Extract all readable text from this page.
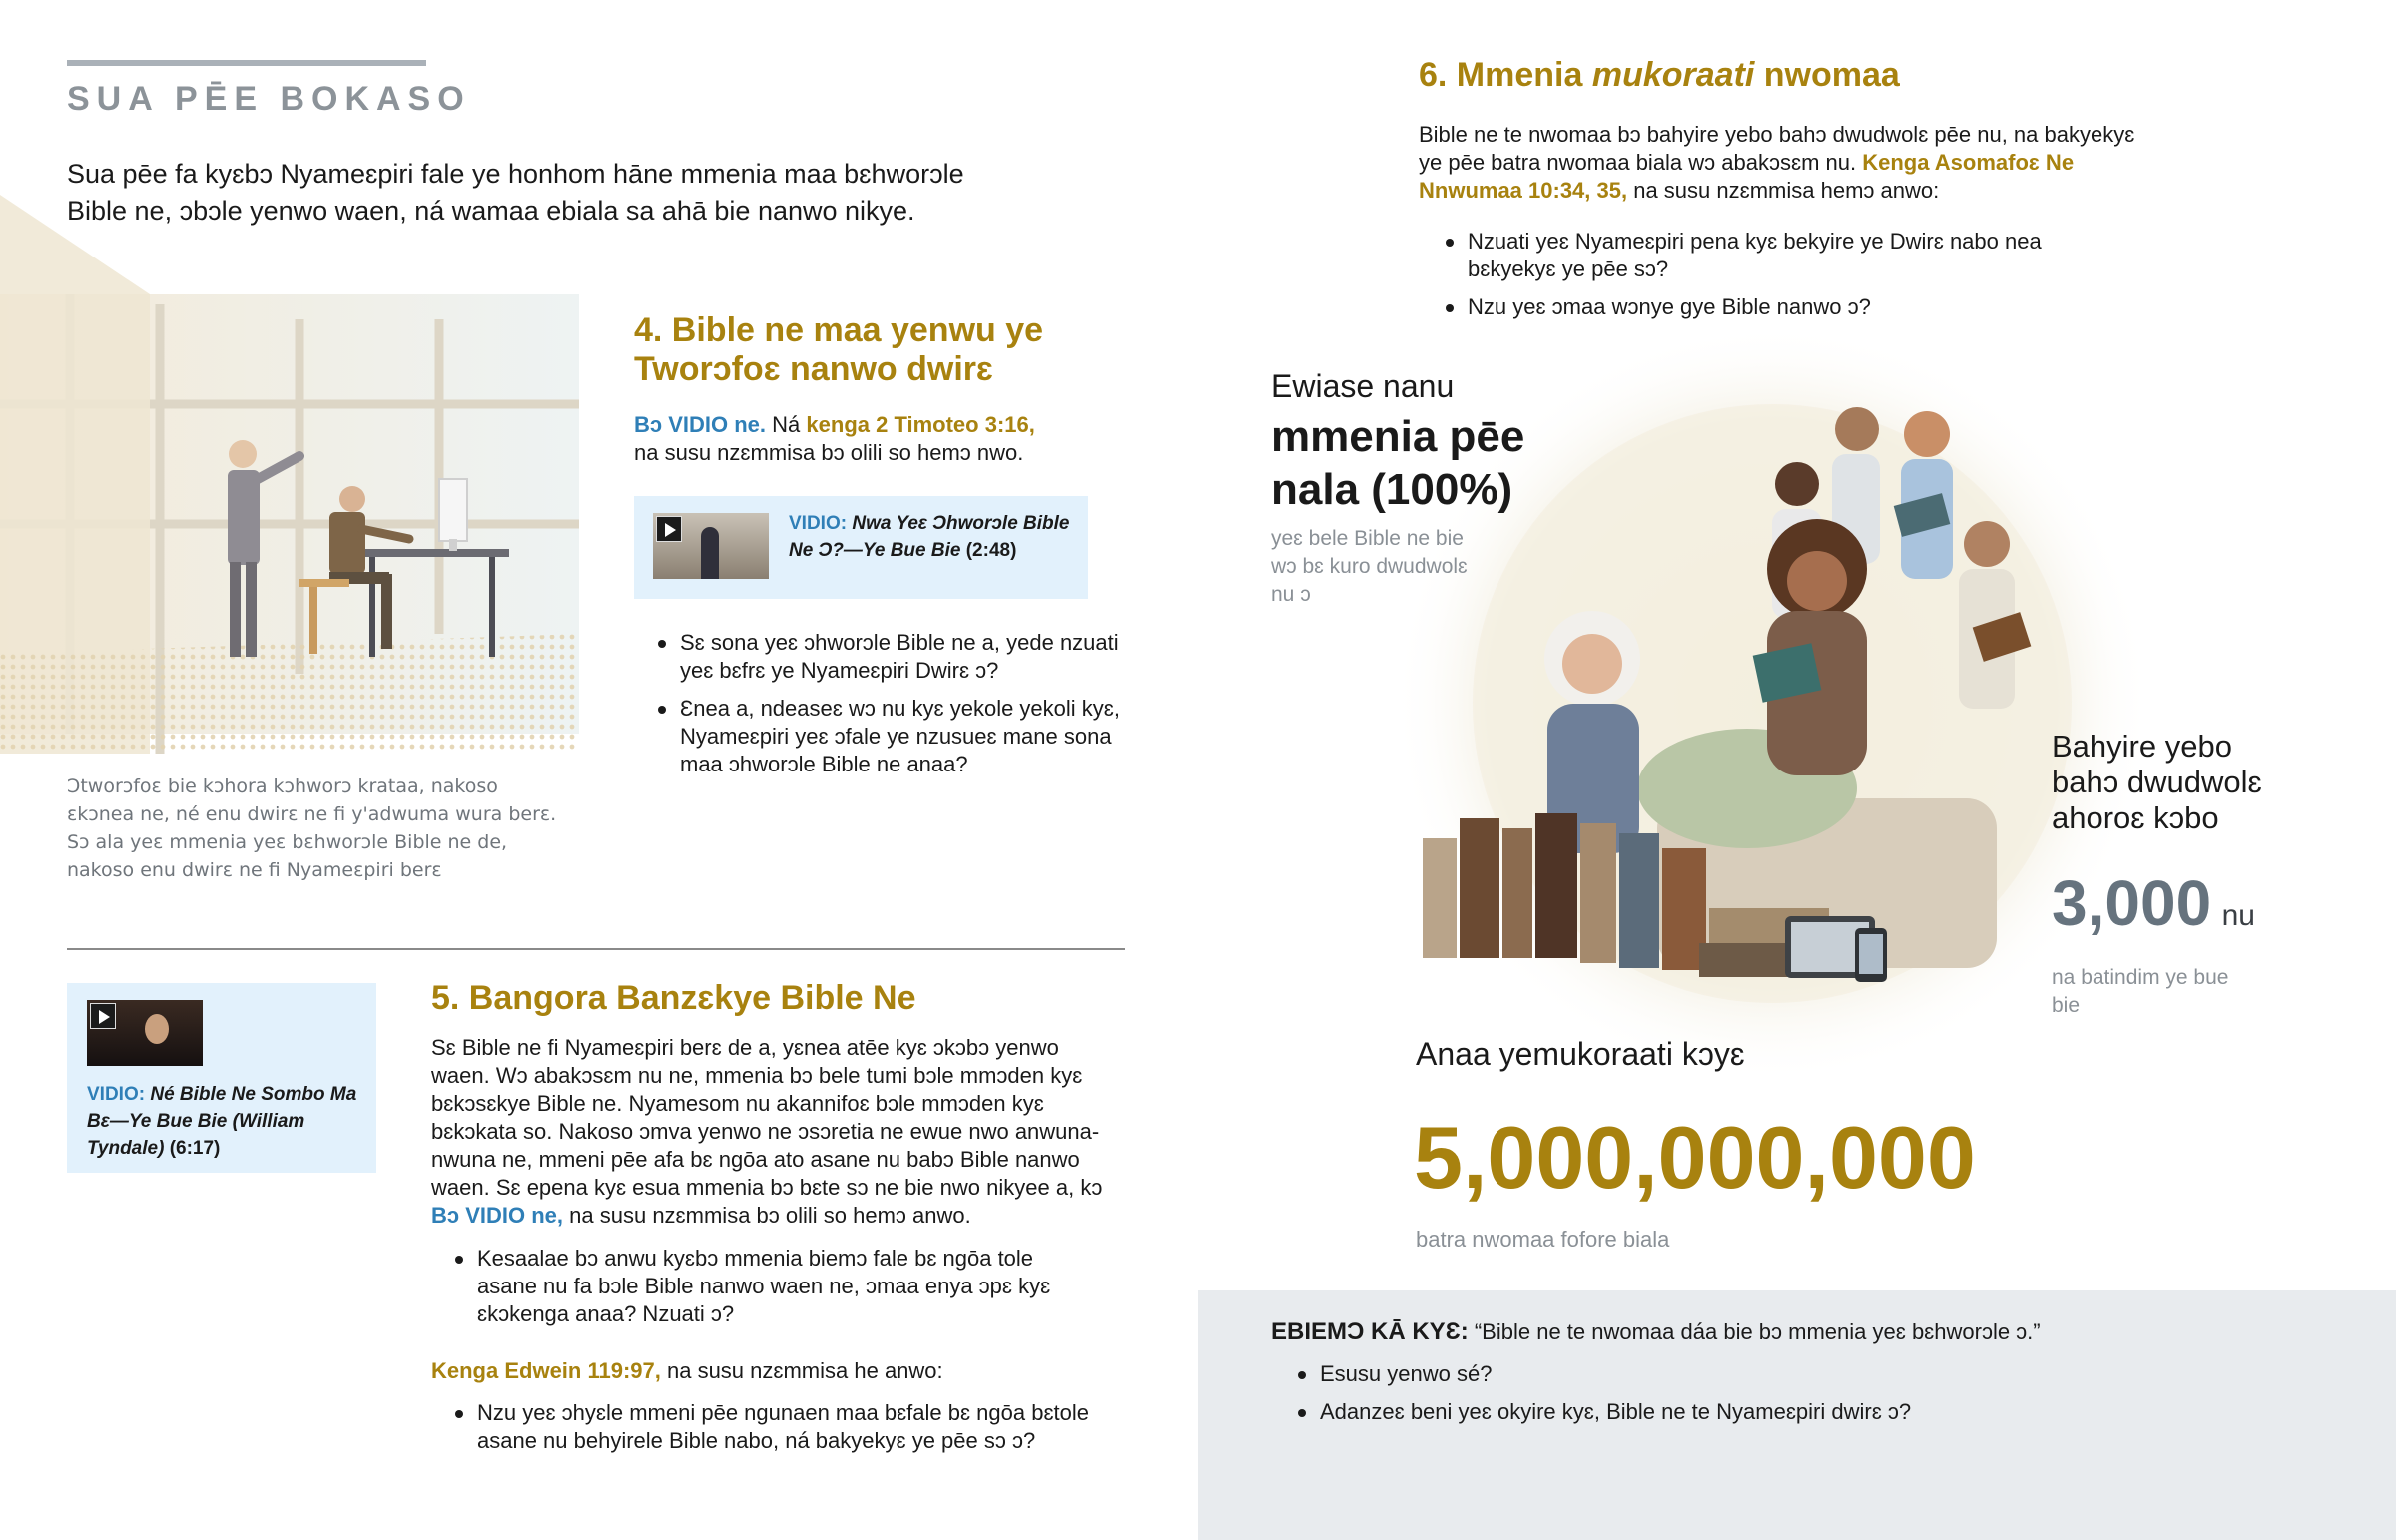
SUA PĒE BOKASO

Sua pēe fa kyɛbɔ Nyameɛpiri fale ye honhom hāne mmenia maa bɛhworɔle Bible ne, ɔbɔle yenwo waen, ná wamaa ebiala sa ahā bie nanwo nikye.

Ɔtworɔfoɛ bie kɔhora kɔhworɔ krataa, nakoso ɛkɔnea ne, né enu dwirɛ ne fi y'adwuma wura berɛ. Sɔ ala yeɛ mmenia yeɛ bɛhworɔle Bible ne de, nakoso enu dwirɛ ne fi Nyameɛpiri berɛ

4. Bible ne maa yenwu ye Tworɔfoɛ nanwo dwirɛ

Bɔ VIDIO ne. Ná kenga 2 Timoteo 3:16,
na susu nzɛmmisa bɔ olili so hemɔ nwo.

VIDIO: Nwa Yeɛ Ɔhworɔle Bible Ne Ɔ?—Ye Bue Bie (2:48)
Sɛ sona yeɛ ɔhworɔle Bible ne a, yede nzuati yeɛ bɛfrɛ ye Nyameɛpiri Dwirɛ ɔ?
Ɛnea a, ndeaseɛ wɔ nu kyɛ yekole yekoli kyɛ, Nyameɛpiri yeɛ ɔfale ye nzusueɛ mane sona maa ɔhworɔle Bible ne anaa?
VIDIO: Né Bible Ne Sombo Ma Bɛ—Ye Bue Bie (William Tyndale) (6:17)
5. Bangora Banzɛkye Bible Ne
Sɛ Bible ne fi Nyameɛpiri berɛ de a, yɛnea atēe kyɛ ɔkɔbɔ yenwo waen. Wɔ abakɔsɛm nu ne, mmenia bɔ bele tumi bɔle mmɔden kyɛ bɛkɔsɛkye Bible ne. Nyamesom nu akannifoɛ bɔle mmɔden kyɛ bɛkɔkata so. Nakoso ɔmva yenwo ne ɔsɔretia ne ewue nwo anwuna-nwuna ne, mmeni pēe afa bɛ ngōa ato asane nu babɔ Bible nanwo waen. Sɛ epena kyɛ esua mmenia bɔ bɛte sɔ ne bie nwo nikyee a, kɔ Bɔ VIDIO ne, na susu nzɛmmisa bɔ olili so hemɔ anwo.
Kesaalae bɔ anwu kyɛbɔ mmenia biemɔ fale bɛ ngōa tole asane nu fa bɔle Bible nanwo waen ne, ɔmaa enya ɔpɛ kyɛ ɛkɔkenga anaa? Nzuati ɔ?

Kenga Edwein 119:97, na susu nzɛmmisa he anwo:

Nzu yeɛ ɔhyɛle mmeni pēe ngunaen maa bɛfale bɛ ngōa bɛtole asane nu behyirele Bible nabo, ná bakyekyɛ ye pēe sɔ ɔ?
6. Mmenia mukoraati nwomaa

Bible ne te nwomaa bɔ bahyire yebo bahɔ dwudwolɛ pēe nu, na bakyekyɛ ye pēe batra nwomaa biala wɔ abakɔsɛm nu. Kenga Asomafoɛ Ne Nnwumaa 10:34, 35, na susu nzɛmmisa hemɔ anwo:

Nzuati yeɛ Nyameɛpiri pena kyɛ bekyire ye Dwirɛ nabo nea bɛkyekyɛ ye pēe sɔ?
Nzu yeɛ ɔmaa wɔnye gye Bible nanwo ɔ?
Ewiase nanu
mmenia pēe nala (100%)
yeɛ bele Bible ne bie wɔ bɛ kuro dwudwolɛ nu ɔ
Bahyire yebo bahɔ dwudwolɛ ahoroɛ kɔbo
3,000 nu
na batindim ye bue bie
Anaa yemukoraati kɔyɛ
5,000,000,000
batra nwomaa fofore biala

EBIEMƆ KĀ KYƐ: “Bible ne te nwomaa dáa bie bɔ mmenia yeɛ bɛhworɔle ɔ.”

Esusu yenwo sé?
Adanzeɛ beni yeɛ okyire kyɛ, Bible ne te Nyameɛpiri dwirɛ ɔ?
